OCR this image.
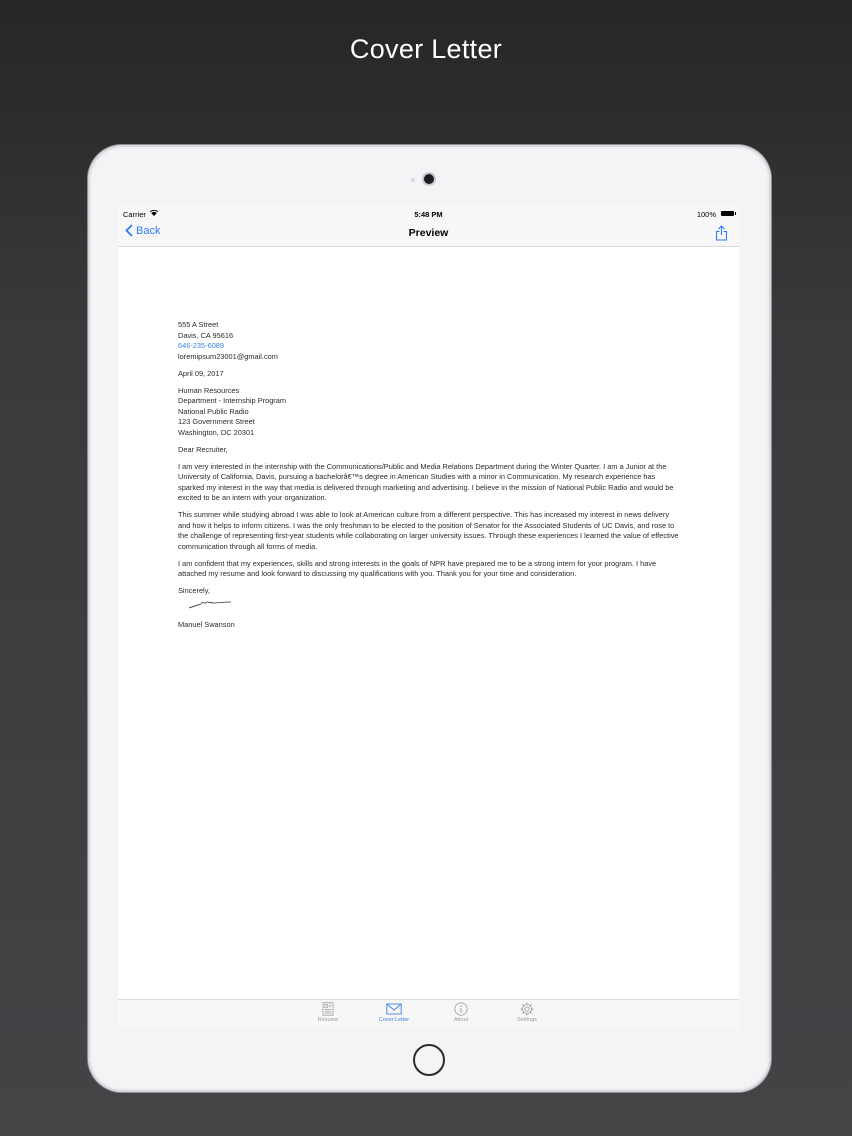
Cover Letter
Carrier	5:48 PM	100%
Back	Preview

555 A Street

Davis, CA 95616

646-235-6089

loremipsum23001@gmail.com

April 09, 2017

Human Resources

Department - Internship Program

National Public Radio

123 Government Street

Washington, DC 20301

Dear Recruiter,

I am very interested in the internship with the Communications/Public and Media Relations Department during the Winter Quarter. I am a Junior at the University of California, Davis, pursuing a bachelorâ€™s degree in American Studies with a minor in Communication. My research experience has sparked my interest in the way that media is delivered through marketing and advertising. I believe in the mission of National Public Radio and would be excited to be an intern with your organization.

This summer while studying abroad I was able to look at American culture from a different perspective. This has increased my interest in news delivery and how it helps to inform citizens. I was the only freshman to be elected to the position of Senator for the Associated Students of UC Davis, and rose to the challenge of representing first-year students while collaborating on larger university issues. Through these experiences I learned the value of effective communication through all forms of media.

I am confident that my experiences, skills and strong interests in the goals of NPR have prepared me to be a strong intern for your program. I have attached my resume and look forward to discussing my qualifications with you. Thank you for your time and consideration.

Sincerely,

Manuel Swanson

Resume	Cover Letter	About	Settings
